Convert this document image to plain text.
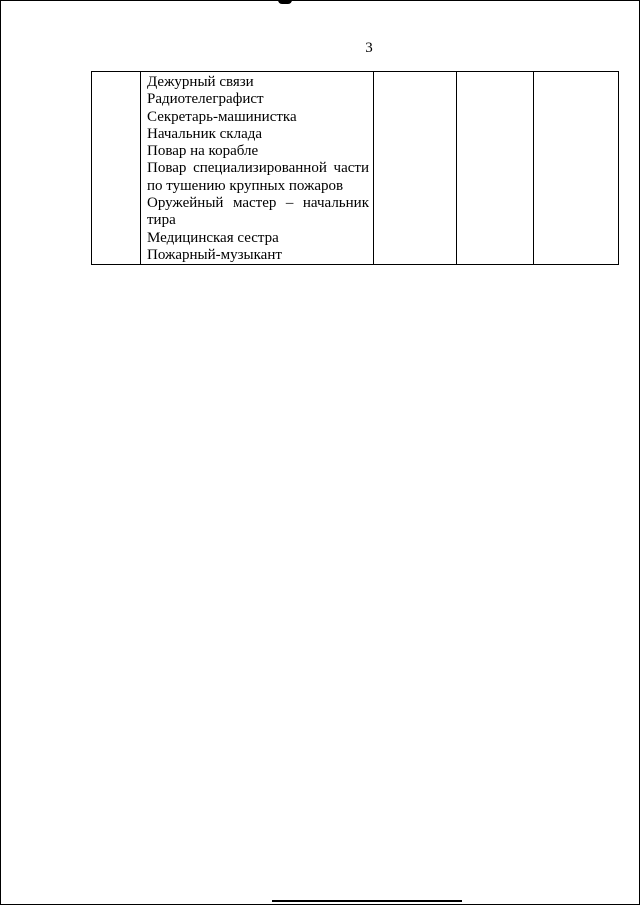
3

Дежурный связи

Радиотелеграфист

Секретарь-машинистка

Начальник склада

Повар на корабле

Повар специализированной части по тушению крупных пожаров

Оружейный мастер – начальник тира

Медицинская сестра

Пожарный-музыкант
